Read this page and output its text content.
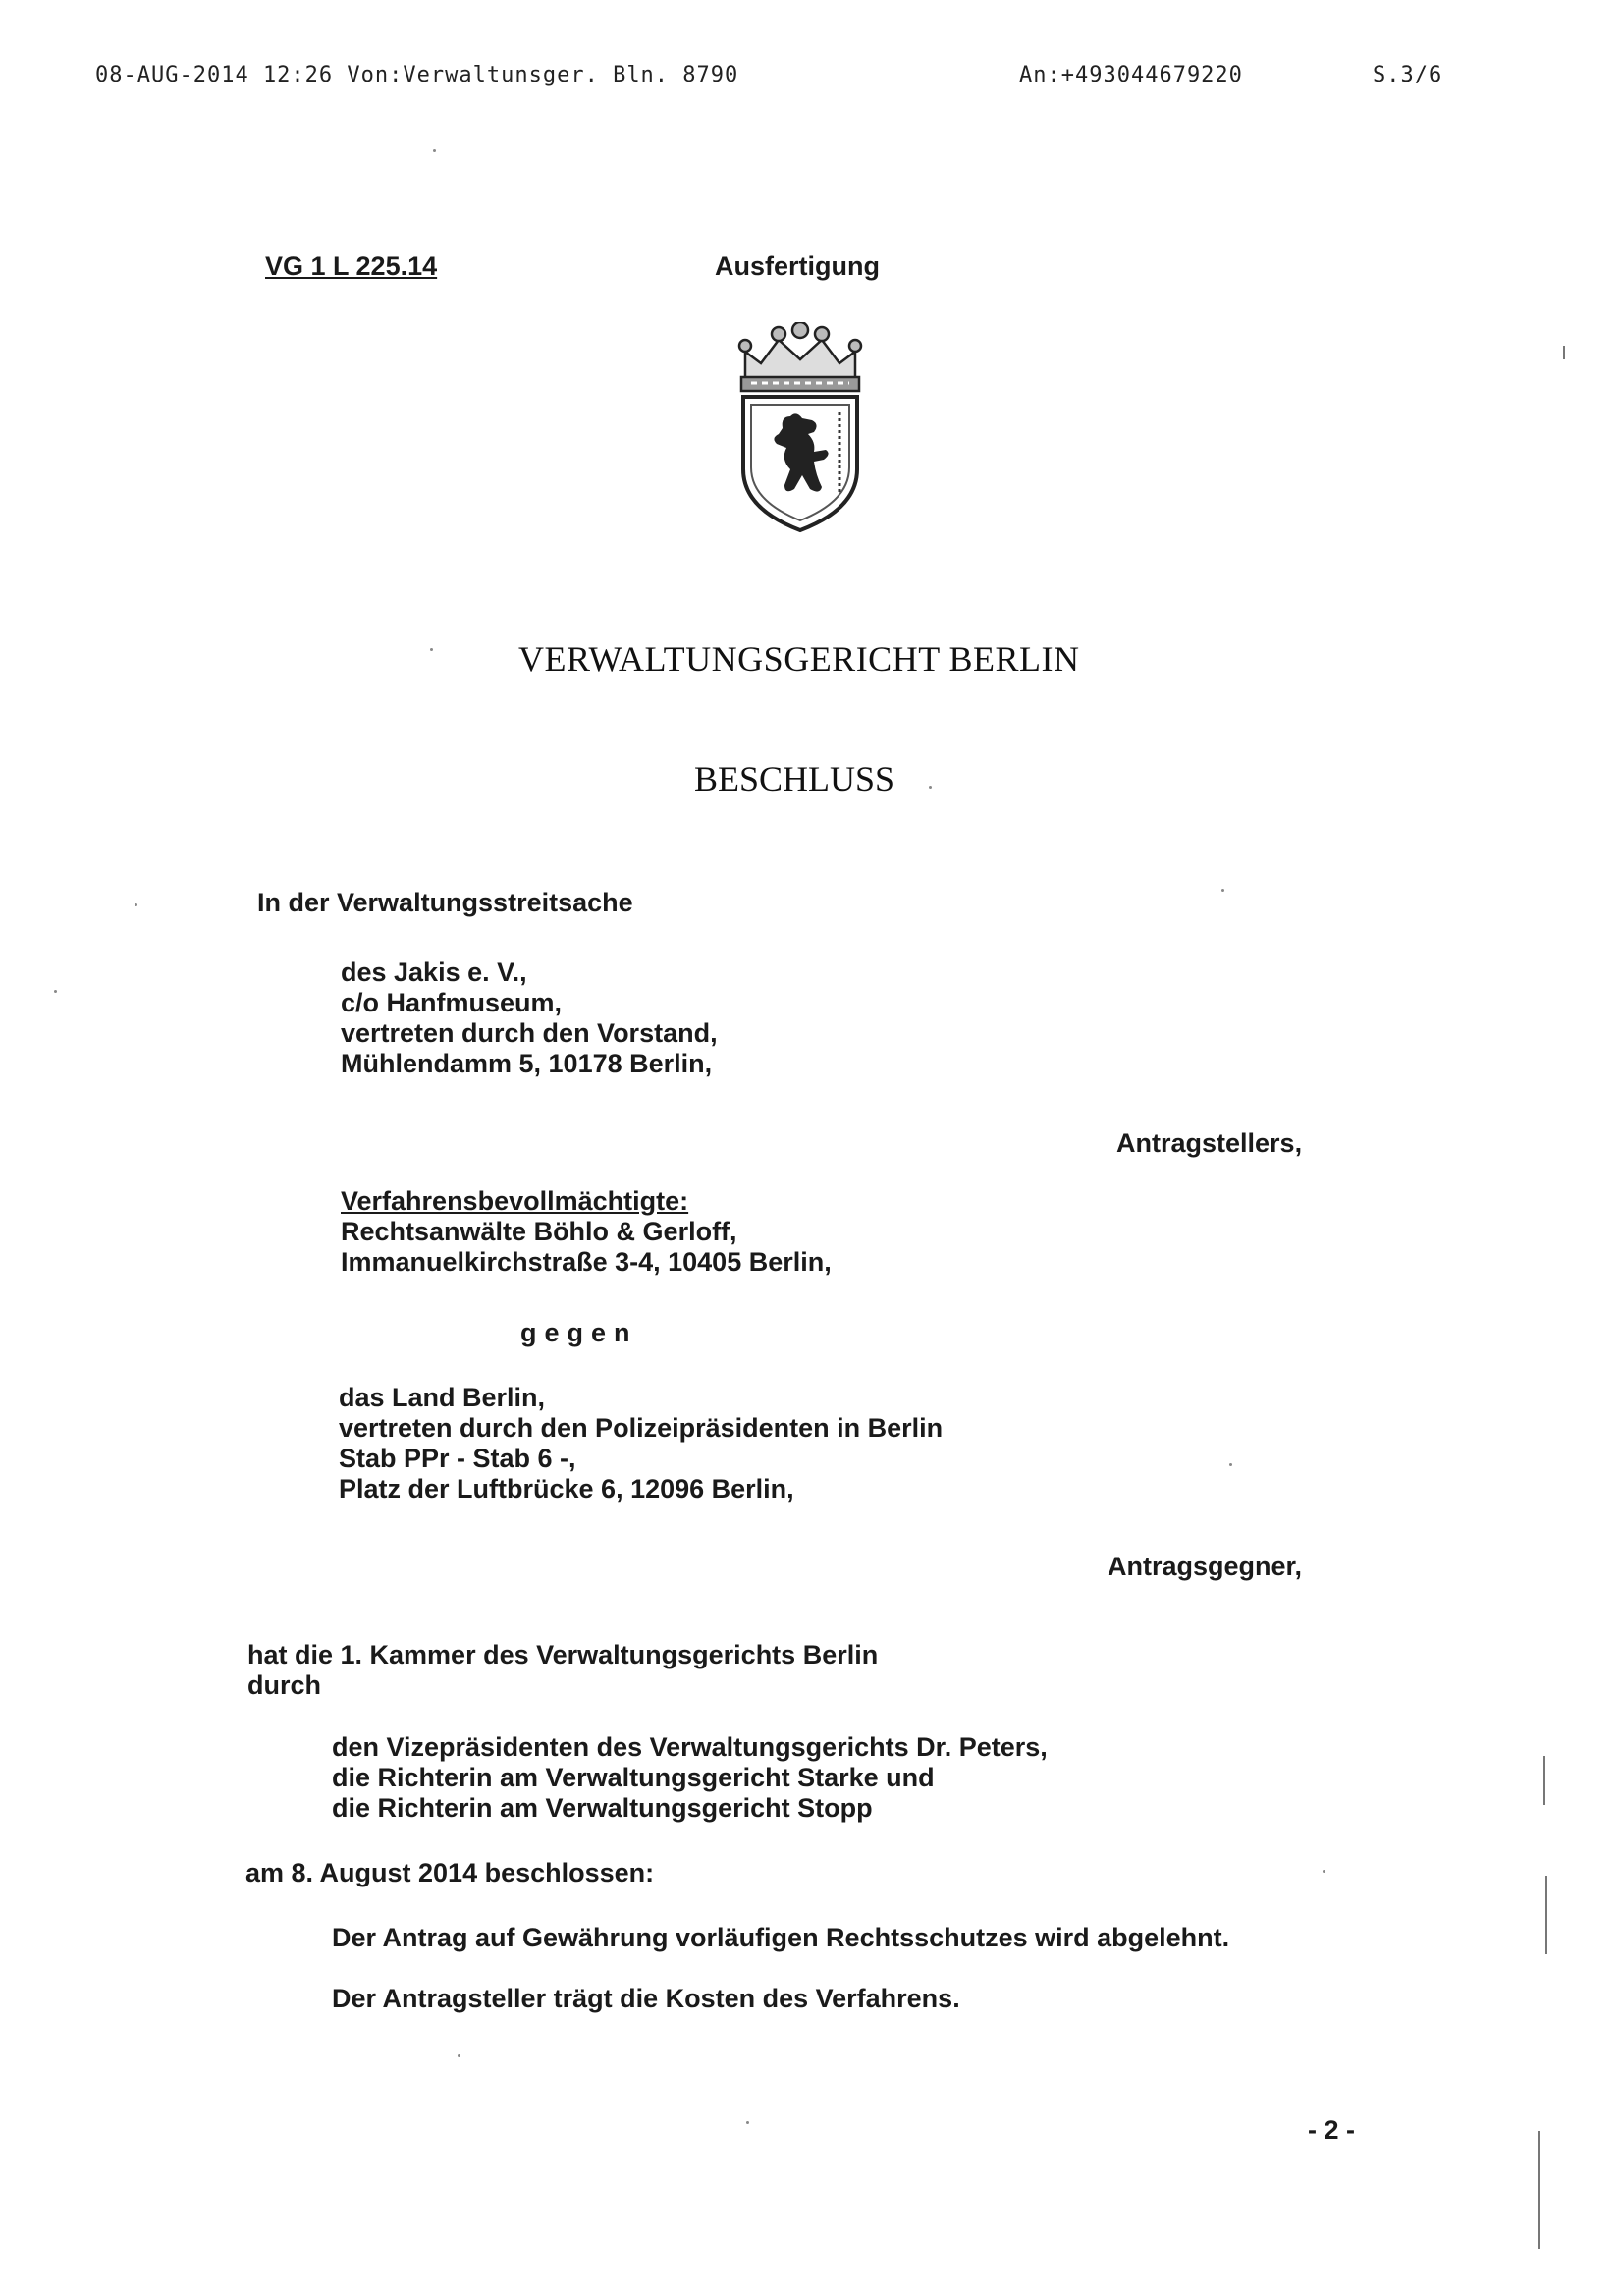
08-AUG-2014 12:26 Von:Verwaltunsger. Bln. 8790	An:+493044679220	S.3/6
VG 1 L 225.14	Ausfertigung
VERWALTUNGSGERICHT BERLIN
BESCHLUSS
In der Verwaltungsstreitsache
des Jakis e. V.,
c/o Hanfmuseum,
vertreten durch den Vorstand,
Mühlendamm 5, 10178 Berlin,
Antragstellers,
Verfahrensbevollmächtigte:
Rechtsanwälte Böhlo & Gerloff,
Immanuelkirchstraße 3-4, 10405 Berlin,
gegen
das Land Berlin,
vertreten durch den Polizeipräsidenten in Berlin
Stab PPr - Stab 6 -,
Platz der Luftbrücke 6, 12096 Berlin,
Antragsgegner,
hat die 1. Kammer des Verwaltungsgerichts Berlin
durch
den Vizepräsidenten des Verwaltungsgerichts Dr. Peters,
die Richterin am Verwaltungsgericht Starke und
die Richterin am Verwaltungsgericht Stopp
am 8. August 2014 beschlossen:
Der Antrag auf Gewährung vorläufigen Rechtsschutzes wird abgelehnt.
Der Antragsteller trägt die Kosten des Verfahrens.
- 2 -
